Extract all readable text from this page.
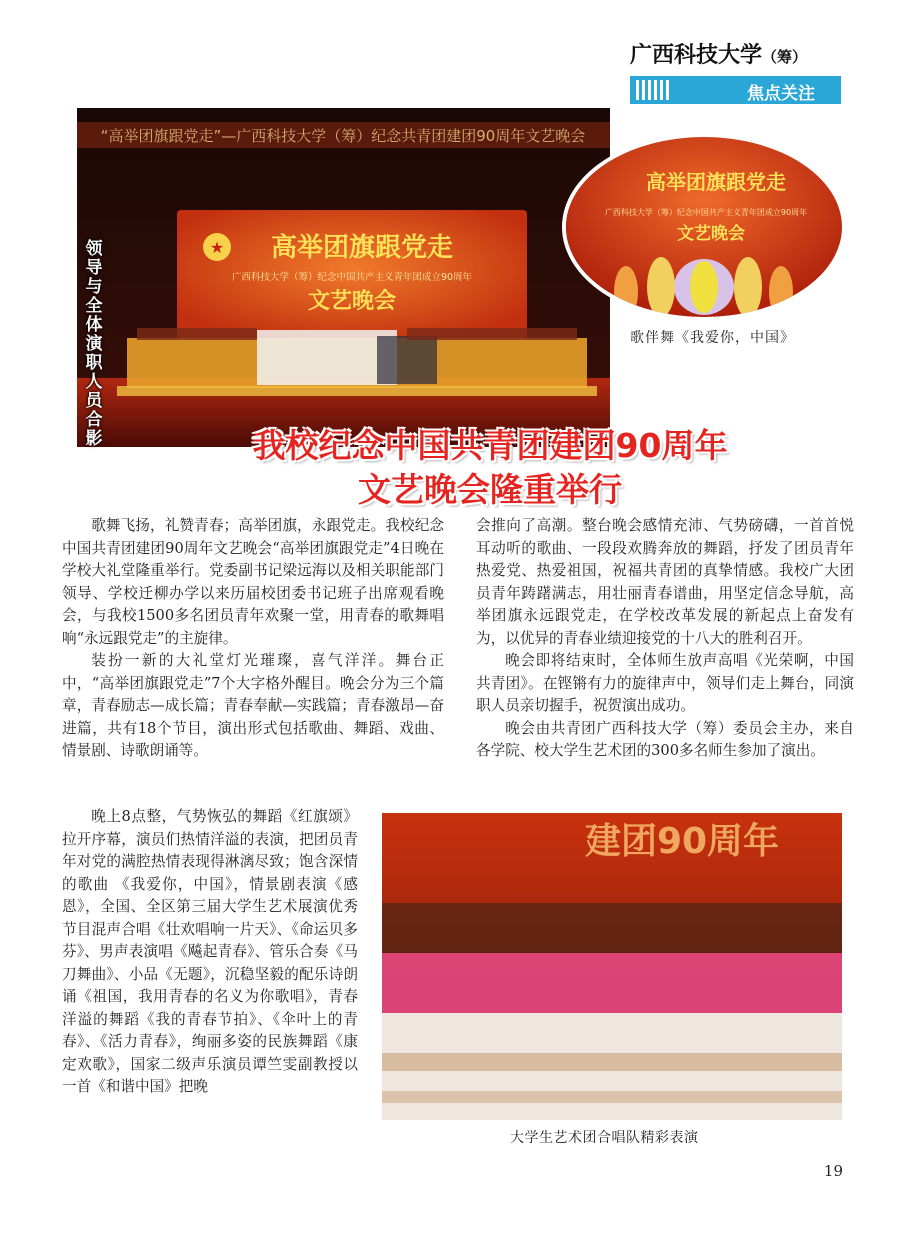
广西科技大学（筹）
焦点关注
“高举团旗跟党走”—广西科技大学（筹）纪念共青团建团90周年文艺晚会
★ 高举团旗跟党走
广西科技大学（筹）纪念中国共产主义青年团成立90周年
文艺晚会
领导与全体演职人员合影
高举团旗跟党走
广西科技大学（筹）纪念中国共产主义青年团成立90周年
文艺晚会
歌伴舞《我爱你，中国》
我校纪念中国共青团建团90周年
文艺晚会隆重举行

歌舞飞扬，礼赞青春；高举团旗，永跟党走。我校纪念中国共青团建团90周年文艺晚会“高举团旗跟党走”4日晚在学校大礼堂隆重举行。党委副书记梁远海以及相关职能部门领导、学校迁柳办学以来历届校团委书记班子出席观看晚会，与我校1500多名团员青年欢聚一堂，用青春的歌舞唱响“永远跟党走”的主旋律。

装扮一新的大礼堂灯光璀璨，喜气洋洋。舞台正中，“高举团旗跟党走”7个大字格外醒目。晚会分为三个篇章，青春励志—成长篇；青春奉献—实践篇；青春激昂—奋进篇，共有18个节目，演出形式包括歌曲、舞蹈、戏曲、情景剧、诗歌朗诵等。

晚上8点整，气势恢弘的舞蹈《红旗颂》拉开序幕，演员们热情洋溢的表演，把团员青年对党的满腔热情表现得淋漓尽致；饱含深情的歌曲 《我爱你，中国》，情景剧表演《感恩》，全国、全区第三届大学生艺术展演优秀节目混声合唱《壮欢唱响一片天》、《命运贝多芬》、男声表演唱《飚起青春》、管乐合奏《马刀舞曲》、小品《无题》，沉稳坚毅的配乐诗朗诵《祖国，我用青春的名义为你歌唱》，青春洋溢的舞蹈《我的青春节拍》、《伞叶上的青春》、《活力青春》，绚丽多姿的民族舞蹈《康定欢歌》，国家二级声乐演员谭竺雯副教授以一首《和谐中国》把晚

会推向了高潮。整台晚会感情充沛、气势磅礴，一首首悦耳动听的歌曲、一段段欢腾奔放的舞蹈，抒发了团员青年热爱党、热爱祖国，祝福共青团的真挚情感。我校广大团员青年踌躇满志，用壮丽青春谱曲，用坚定信念导航，高举团旗永远跟党走，在学校改革发展的新起点上奋发有为，以优异的青春业绩迎接党的十八大的胜利召开。

晚会即将结束时，全体师生放声高唱《光荣啊，中国共青团》。在铿锵有力的旋律声中，领导们走上舞台，同演职人员亲切握手，祝贺演出成功。

晚会由共青团广西科技大学（筹）委员会主办，来自各学院、校大学生艺术团的300多名师生参加了演出。

建团90周年
大学生艺术团合唱队精彩表演
19
